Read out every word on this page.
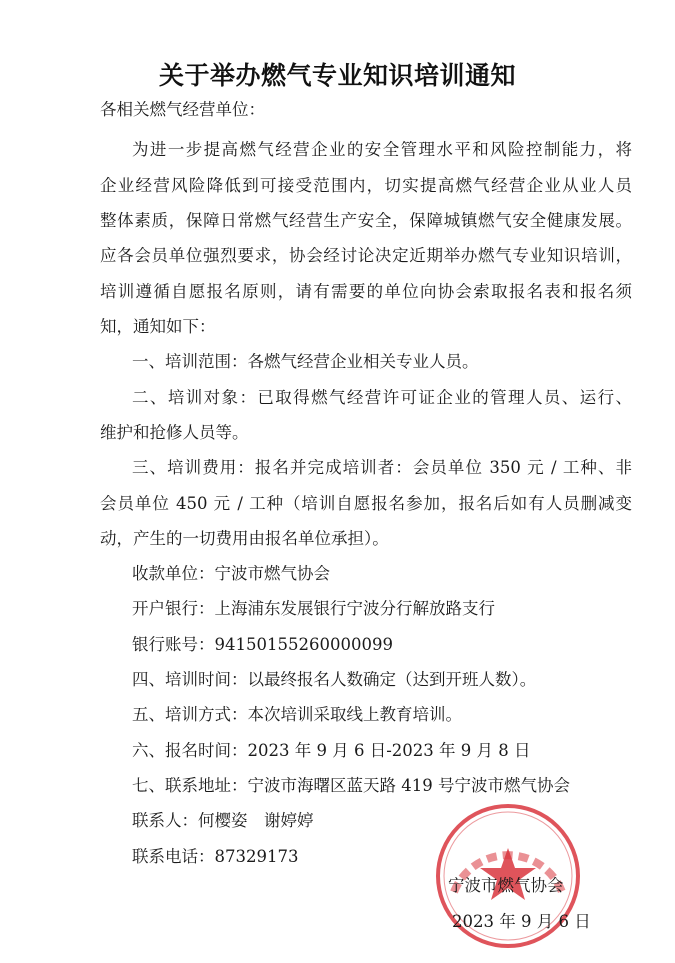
关于举办燃气专业知识培训通知
各相关燃气经营单位：
为进一步提高燃气经营企业的安全管理水平和风险控制能力，将
企业经营风险降低到可接受范围内，切实提高燃气经营企业从业人员
整体素质，保障日常燃气经营生产安全，保障城镇燃气安全健康发展。
应各会员单位强烈要求，协会经讨论决定近期举办燃气专业知识培训，
培训遵循自愿报名原则，请有需要的单位向协会索取报名表和报名须
知，通知如下：
一、培训范围：各燃气经营企业相关专业人员。
二、培训对象：已取得燃气经营许可证企业的管理人员、运行、
维护和抢修人员等。
三、培训费用：报名并完成培训者：会员单位 350 元 / 工种、非
会员单位 450 元 / 工种（培训自愿报名参加，报名后如有人员删减变
动，产生的一切费用由报名单位承担）。
收款单位：宁波市燃气协会
开户银行：上海浦东发展银行宁波分行解放路支行
银行账号：94150155260000099
四、培训时间：以最终报名人数确定（达到开班人数）。
五、培训方式：本次培训采取线上教育培训。
六、报名时间：2023 年 9 月 6 日-2023 年 9 月 8 日
七、联系地址：宁波市海曙区蓝天路 419 号宁波市燃气协会
联系人：何樱姿　谢婷婷
联系电话：87329173
宁波市燃气协会
2023 年 9 月 6 日
